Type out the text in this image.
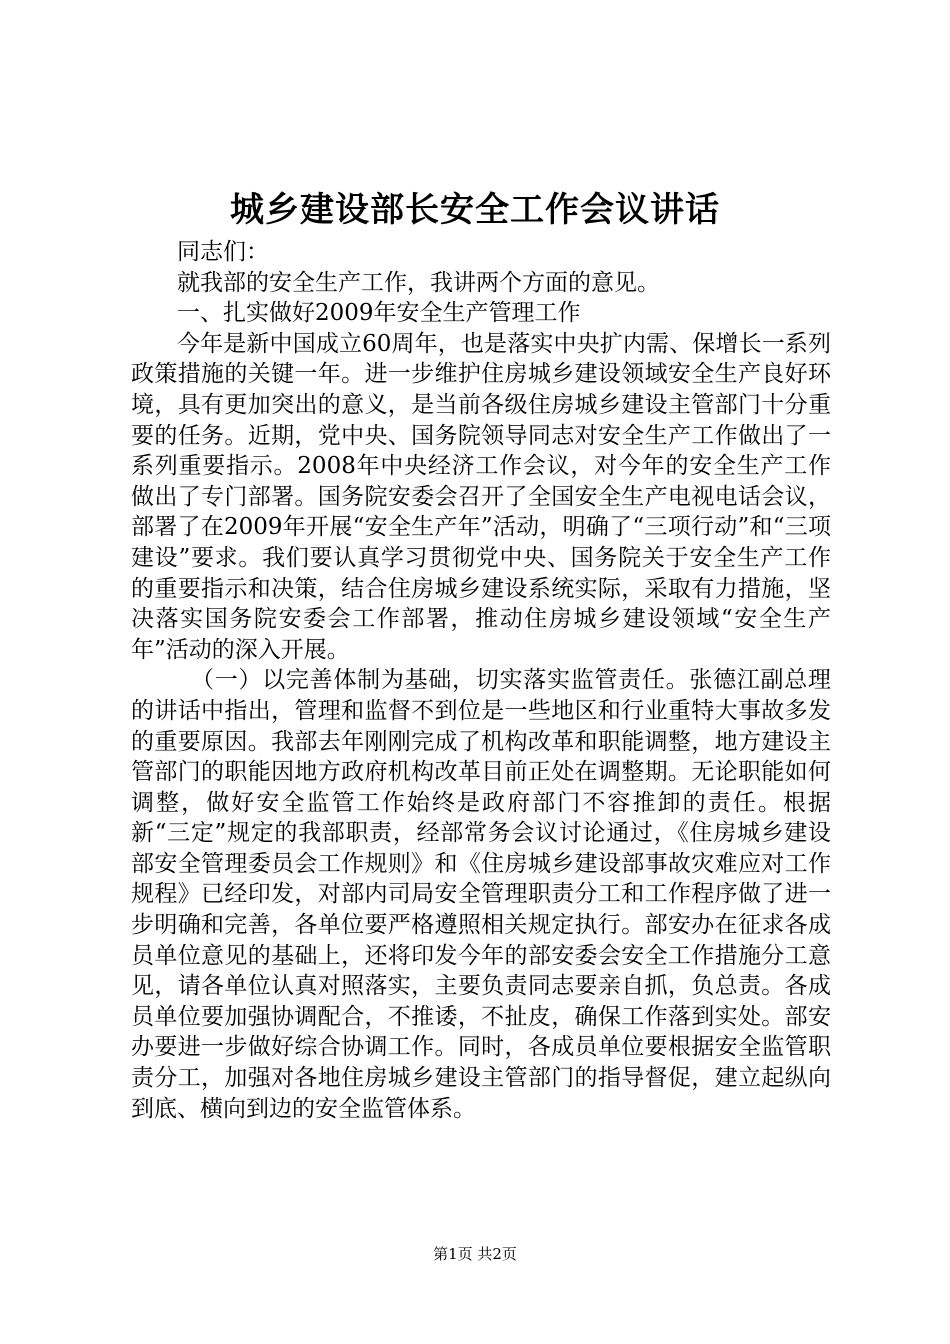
城乡建设部长安全工作会议讲话

同志们：

就我部的安全生产工作，我讲两个方面的意见。

一、扎实做好2009年安全生产管理工作

今年是新中国成立60周年，也是落实中央扩内需、保增长一系列政策措施的关键一年。进一步维护住房城乡建设领域安全生产良好环境，具有更加突出的意义，是当前各级住房城乡建设主管部门十分重要的任务。近期，党中央、国务院领导同志对安全生产工作做出了一系列重要指示。2008年中央经济工作会议，对今年的安全生产工作做出了专门部署。国务院安委会召开了全国安全生产电视电话会议，部署了在2009年开展“安全生产年”活动，明确了“三项行动”和“三项建设”要求。我们要认真学习贯彻党中央、国务院关于安全生产工作的重要指示和决策，结合住房城乡建设系统实际，采取有力措施，坚决落实国务院安委会工作部署，推动住房城乡建设领域“安全生产年”活动的深入开展。

（一）以完善体制为基础，切实落实监管责任。张德江副总理的讲话中指出，管理和监督不到位是一些地区和行业重特大事故多发的重要原因。我部去年刚刚完成了机构改革和职能调整，地方建设主管部门的职能因地方政府机构改革目前正处在调整期。无论职能如何调整，做好安全监管工作始终是政府部门不容推卸的责任。根据新“三定”规定的我部职责，经部常务会议讨论通过，《住房城乡建设部安全管理委员会工作规则》和《住房城乡建设部事故灾难应对工作规程》已经印发，对部内司局安全管理职责分工和工作程序做了进一步明确和完善，各单位要严格遵照相关规定执行。部安办在征求各成员单位意见的基础上，还将印发今年的部安委会安全工作措施分工意见，请各单位认真对照落实，主要负责同志要亲自抓，负总责。各成员单位要加强协调配合，不推诿，不扯皮，确保工作落到实处。部安办要进一步做好综合协调工作。同时，各成员单位要根据安全监管职责分工，加强对各地住房城乡建设主管部门的指导督促，建立起纵向到底、横向到边的安全监管体系。

第1页 共2页
